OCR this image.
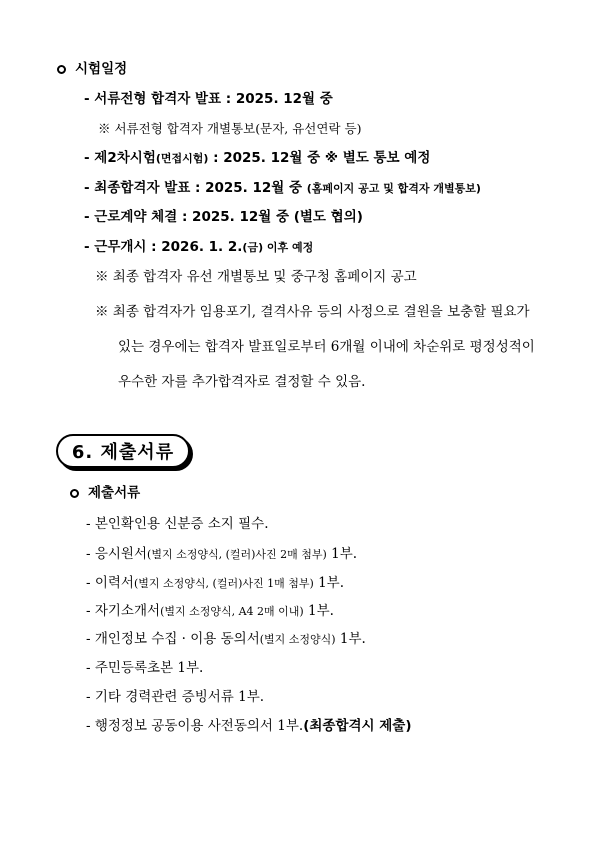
시험일정
- 서류전형 합격자 발표 : 2025. 12월 중
※ 서류전형 합격자 개별통보(문자, 유선연락 등)
- 제2차시험(면접시험) : 2025. 12월 중 ※ 별도 통보 예정
- 최종합격자 발표 : 2025. 12월 중 (홈페이지 공고 및 합격자 개별통보)
- 근로계약 체결 : 2025. 12월 중 (별도 협의)
- 근무개시 : 2026. 1. 2.(금) 이후 예정
※ 최종 합격자 유선 개별통보 및 중구청 홈페이지 공고
※ 최종 합격자가 임용포기, 결격사유 등의 사정으로 결원을 보충할 필요가
있는 경우에는 합격자 발표일로부터 6개월 이내에 차순위로 평정성적이
우수한 자를 추가합격자로 결정할 수 있음.
6. 제출서류
제출서류
- 본인확인용 신분증 소지 필수.
- 응시원서(별지 소정양식, (컬러)사진 2매 첨부) 1부.
- 이력서(별지 소정양식, (컬러)사진 1매 첨부) 1부.
- 자기소개서(별지 소정양식, A4 2매 이내) 1부.
- 개인정보 수집 · 이용 동의서(별지 소정양식) 1부.
- 주민등록초본 1부.
- 기타 경력관련 증빙서류 1부.
- 행정정보 공동이용 사전동의서 1부.(최종합격시 제출)
